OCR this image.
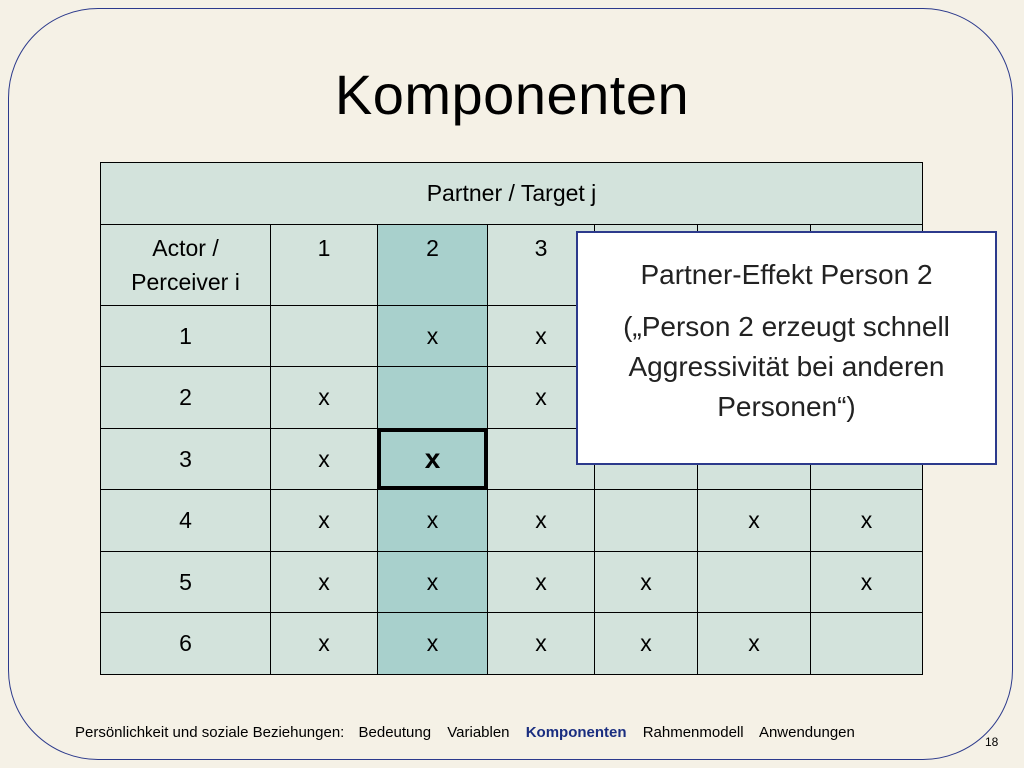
Komponenten
Partner / Target j						

Actor /
Perceiver i	1	2	3			
1		x	x			
2	x		x			
3	x	x				

4	x	x	x		x	x
5	x	x	x	x		x
6	x	x	x	x	x	
Partner-Effekt Person 2
(„Person 2 erzeugt schnell Aggressivität bei anderen Personen“)
Persönlichkeit und soziale Beziehungen: Bedeutung Variablen Komponenten Rahmenmodell Anwendungen
18
